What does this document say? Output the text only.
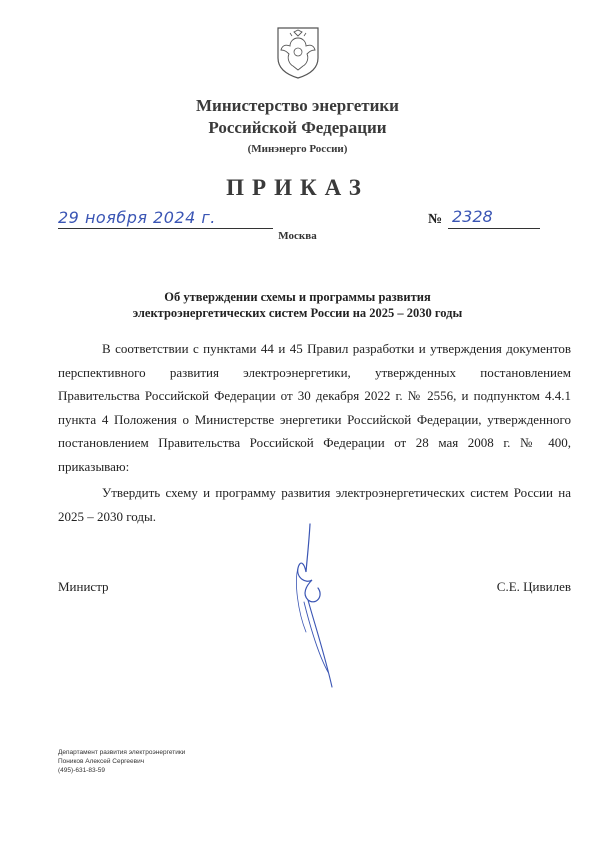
Министерство энергетики
Российской Федерации
(Минэнерго России)
ПРИКАЗ
29 ноября 2024 г.	№ 2328
Москва
Об утверждении схемы и программы развития
электроэнергетических систем России на 2025 – 2030 годы

В соответствии с пунктами 44 и 45 Правил разработки и утверждения документов перспективного развития электроэнергетики, утвержденных постановлением Правительства Российской Федерации от 30 декабря 2022 г. № 2556, и подпунктом 4.4.1 пункта 4 Положения о Министерстве энергетики Российской Федерации, утвержденного постановлением Правительства Российской Федерации от 28 мая 2008 г. № 400, приказываю:

Утвердить схему и программу развития электроэнергетических систем России на 2025 – 2030 годы.

Министр	С.Е. Цивилев
Департамент развития электроэнергетики
Поников Алексей Сергеевич
(495)-631-83-59
